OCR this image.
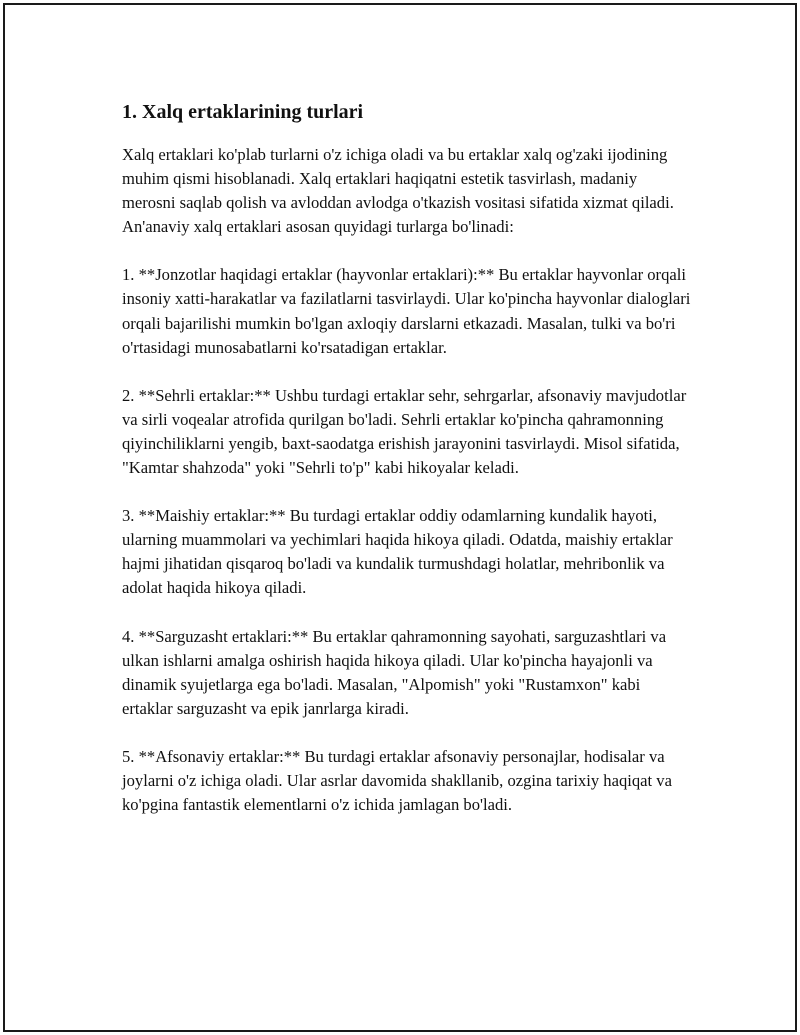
1. Xalq ertaklarining turlari

Xalq ertaklari ko'plab turlarni o'z ichiga oladi va bu ertaklar xalq og'zaki ijodining muhim qismi hisoblanadi. Xalq ertaklari haqiqatni estetik tasvirlash, madaniy merosni saqlab qolish va avloddan avlodga o'tkazish vositasi sifatida xizmat qiladi. An'anaviy xalq ertaklari asosan quyidagi turlarga bo'linadi:

1. **Jonzotlar haqidagi ertaklar (hayvonlar ertaklari):** Bu ertaklar hayvonlar orqali insoniy xatti-harakatlar va fazilatlarni tasvirlaydi. Ular ko'pincha hayvonlar dialoglari orqali bajarilishi mumkin bo'lgan axloqiy darslarni etkazadi. Masalan, tulki va bo'ri o'rtasidagi munosabatlarni ko'rsatadigan ertaklar.

2. **Sehrli ertaklar:** Ushbu turdagi ertaklar sehr, sehrgarlar, afsonaviy mavjudotlar va sirli voqealar atrofida qurilgan bo'ladi. Sehrli ertaklar ko'pincha qahramonning qiyinchiliklarni yengib, baxt-saodatga erishish jarayonini tasvirlaydi. Misol sifatida, "Kamtar shahzoda" yoki "Sehrli to'p" kabi hikoyalar keladi.

3. **Maishiy ertaklar:** Bu turdagi ertaklar oddiy odamlarning kundalik hayoti, ularning muammolari va yechimlari haqida hikoya qiladi. Odatda, maishiy ertaklar hajmi jihatidan qisqaroq bo'ladi va kundalik turmushdagi holatlar, mehribonlik va adolat haqida hikoya qiladi.

4. **Sarguzasht ertaklari:** Bu ertaklar qahramonning sayohati, sarguzashtlari va ulkan ishlarni amalga oshirish haqida hikoya qiladi. Ular ko'pincha hayajonli va dinamik syujetlarga ega bo'ladi. Masalan, "Alpomish" yoki "Rustamxon" kabi ertaklar sarguzasht va epik janrlarga kiradi.

5. **Afsonaviy ertaklar:** Bu turdagi ertaklar afsonaviy personajlar, hodisalar va joylarni o'z ichiga oladi. Ular asrlar davomida shakllanib, ozgina tarixiy haqiqat va ko'pgina fantastik elementlarni o'z ichida jamlagan bo'ladi.
